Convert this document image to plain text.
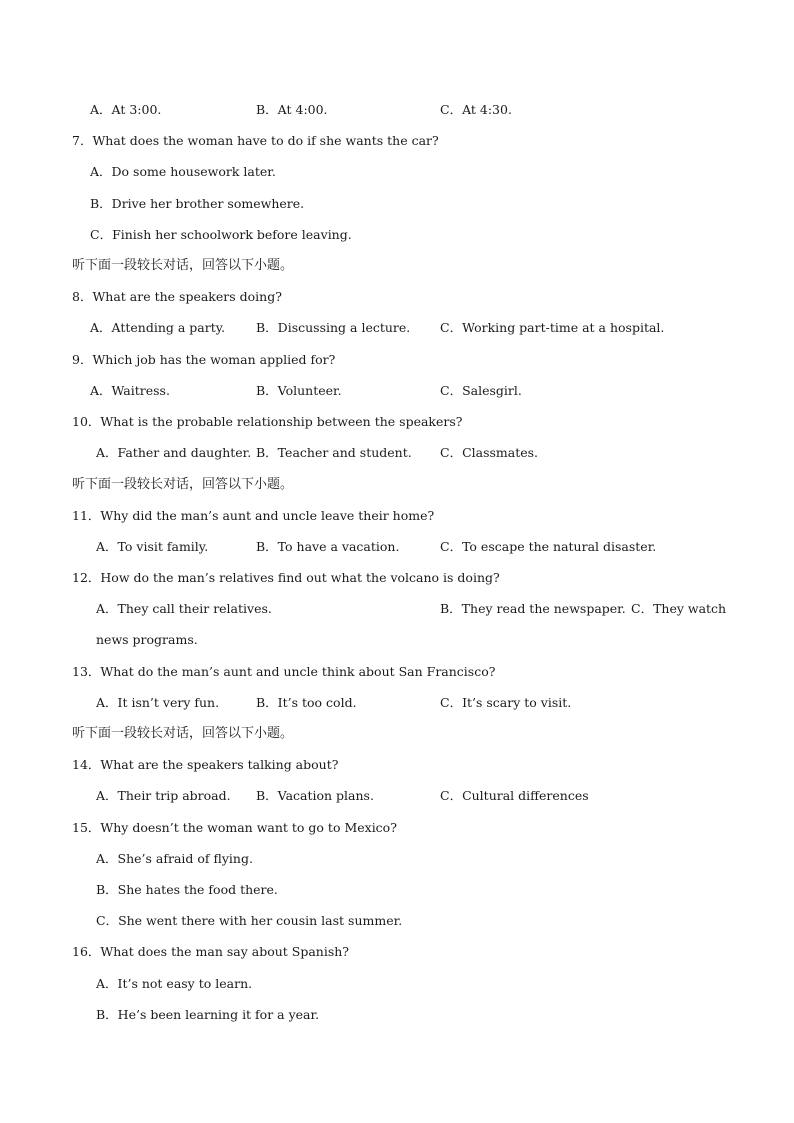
A．At 3:00.	B．At 4:00.	C．At 4:30.
7．What does the woman have to do if she wants the car?
A．Do some housework later.
B．Drive her brother somewhere.
C．Finish her schoolwork before leaving.
听下面一段较长对话，回答以下小题。
8．What are the speakers doing?
A．Attending a party. B．Discussing a lecture. C．Working part-time at a hospital.
9．Which job has the woman applied for?
A．Waitress.	B．Volunteer.	C．Salesgirl.
10．What is the probable relationship between the speakers?
A．Father and daughter. B．Teacher and student. C．Classmates.
听下面一段较长对话，回答以下小题。
11．Why did the man’s aunt and uncle leave their home?
A．To visit family.	B．To have a vacation.	C．To escape the natural disaster.
12．How do the man’s relatives find out what the volcano is doing?
A．They call their relatives.	B．They read the newspaper. C．They watch
news programs.
13．What do the man’s aunt and uncle think about San Francisco?
A．It isn’t very fun.	B．It’s too cold.	C．It’s scary to visit.
听下面一段较长对话，回答以下小题。
14．What are the speakers talking about?
A．Their trip abroad. B．Vacation plans.	C．Cultural differences
15．Why doesn’t the woman want to go to Mexico?
A．She’s afraid of flying.
B．She hates the food there.
C．She went there with her cousin last summer.
16．What does the man say about Spanish?
A．It’s not easy to learn.
B．He’s been learning it for a year.
